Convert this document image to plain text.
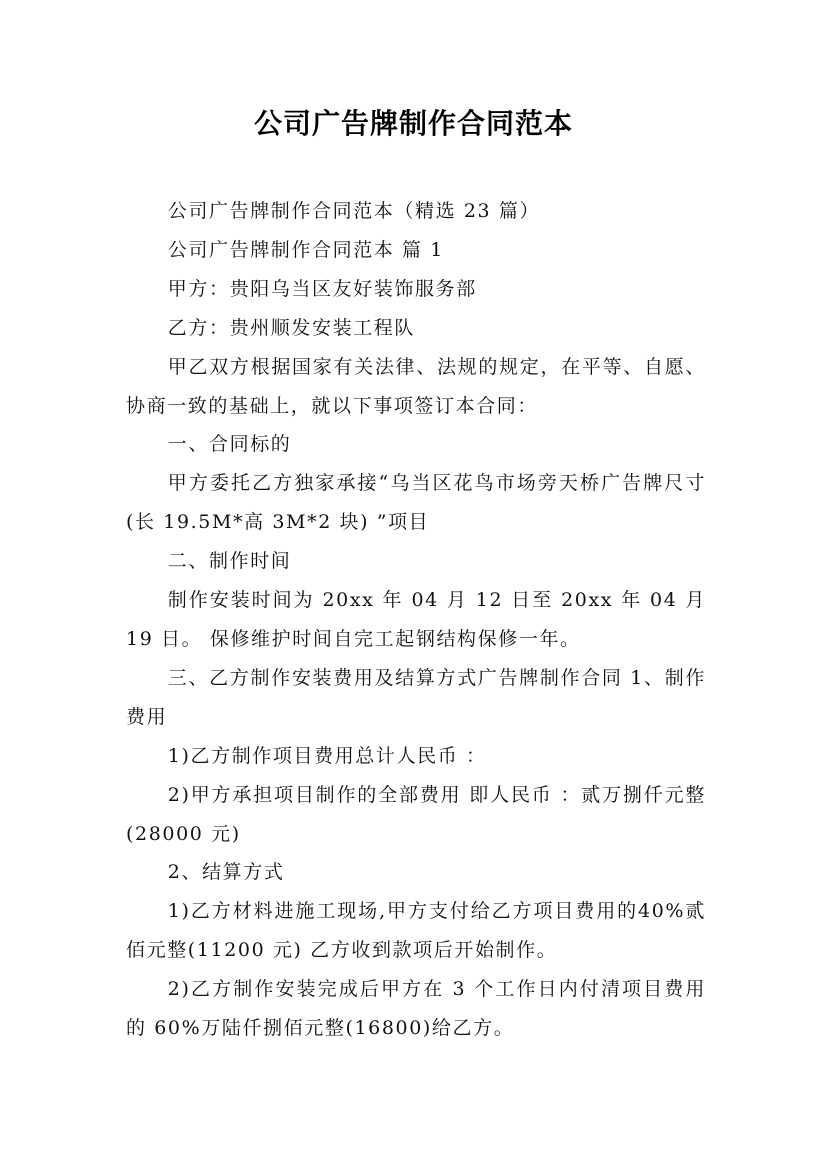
公司广告牌制作合同范本

公司广告牌制作合同范本（精选 23 篇）

公司广告牌制作合同范本 篇 1

甲方：贵阳乌当区友好装饰服务部

乙方：贵州顺发安装工程队

甲乙双方根据国家有关法律、法规的规定，在平等、自愿、协商一致的基础上，就以下事项签订本合同：

一、合同标的

甲方委托乙方独家承接“乌当区花鸟市场旁天桥广告牌尺寸(长 19.5M*高 3M*2 块) ”项目

二、制作时间

制作安装时间为 20xx 年 04 月 12 日至 20xx 年 04 月 19 日。 保修维护时间自完工起钢结构保修一年。

三、乙方制作安装费用及结算方式广告牌制作合同 1、制作费用

1)乙方制作项目费用总计人民币 ：

2)甲方承担项目制作的全部费用 即人民币 ：贰万捌仟元整(28000 元)

2、结算方式

1)乙方材料进施工现场,甲方支付给乙方项目费用的40%贰佰元整(11200 元) 乙方收到款项后开始制作。

2)乙方制作安装完成后甲方在 3 个工作日内付清项目费用的 60%万陆仟捌佰元整(16800)给乙方。
